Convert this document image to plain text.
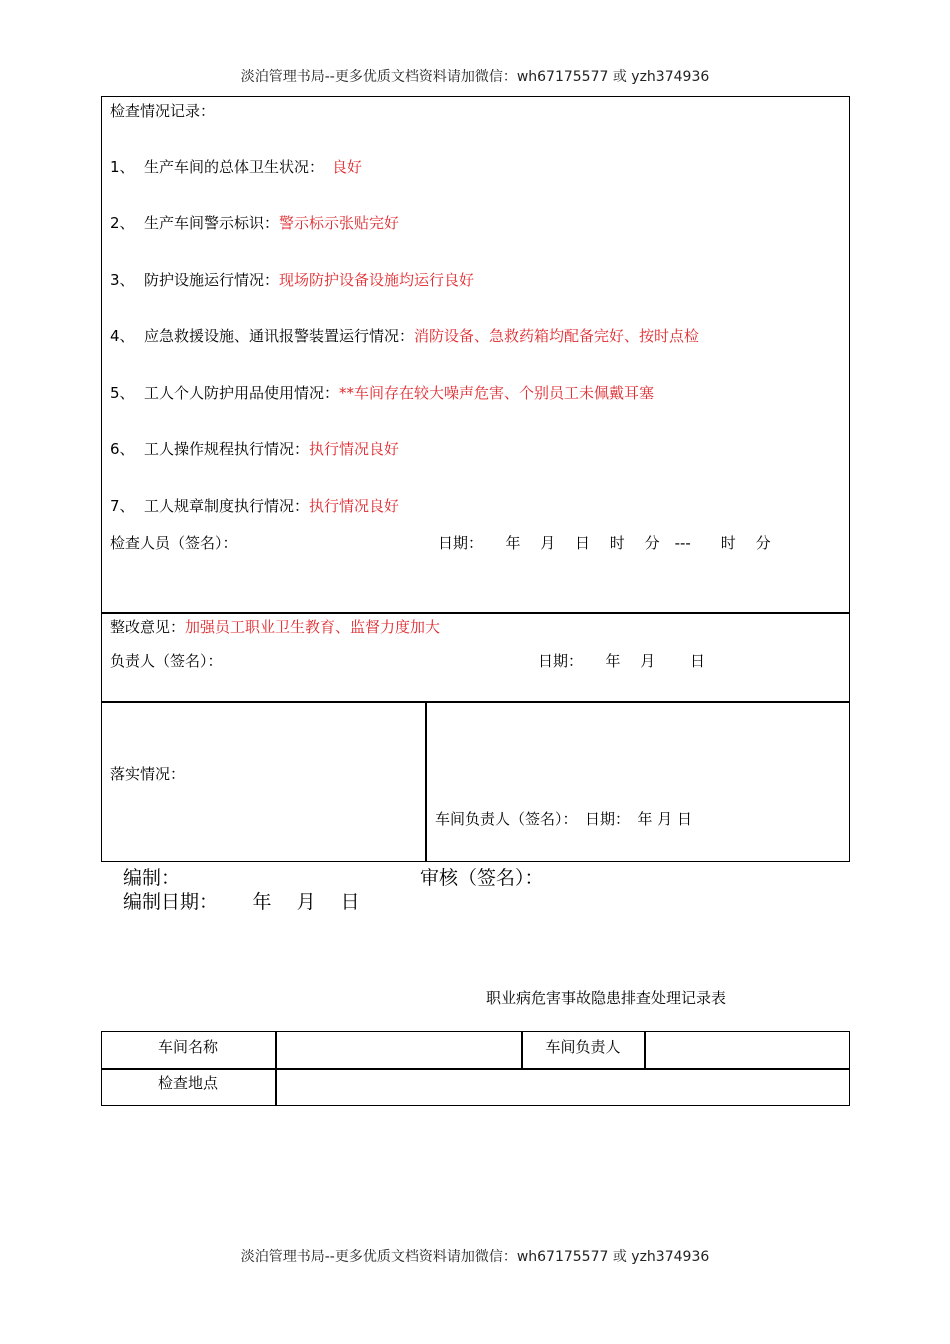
淡泊管理书局--更多优质文档资料请加微信：wh67175577 或 yzh374936
检查情况记录：
1、 生产车间的总体卫生状况： 良好
2、 生产车间警示标识：警示标示张贴完好
3、 防护设施运行情况：现场防护设备设施均运行良好
4、 应急救援设施、通讯报警装置运行情况：消防设备、急救药箱均配备完好、按时点检
5、 工人个人防护用品使用情况：**车间存在较大噪声危害、个别员工未佩戴耳塞
6、 工人操作规程执行情况：执行情况良好
7、 工人规章制度执行情况：执行情况良好
检查人员（签名）：	日期：　　年　 月　 日　 时　 分　---　　时　 分
整改意见：加强员工职业卫生教育、监督力度加大
负责人（签名）：	日期：　　年　 月　　 日
落实情况：
车间负责人（签名）：　日期：　年 月 日
编制：	审核（签名）：
编制日期：　　 年　 月　 日
职业病危害事故隐患排查处理记录表
车间名称	车间负责人
检查地点
淡泊管理书局--更多优质文档资料请加微信：wh67175577 或 yzh374936
